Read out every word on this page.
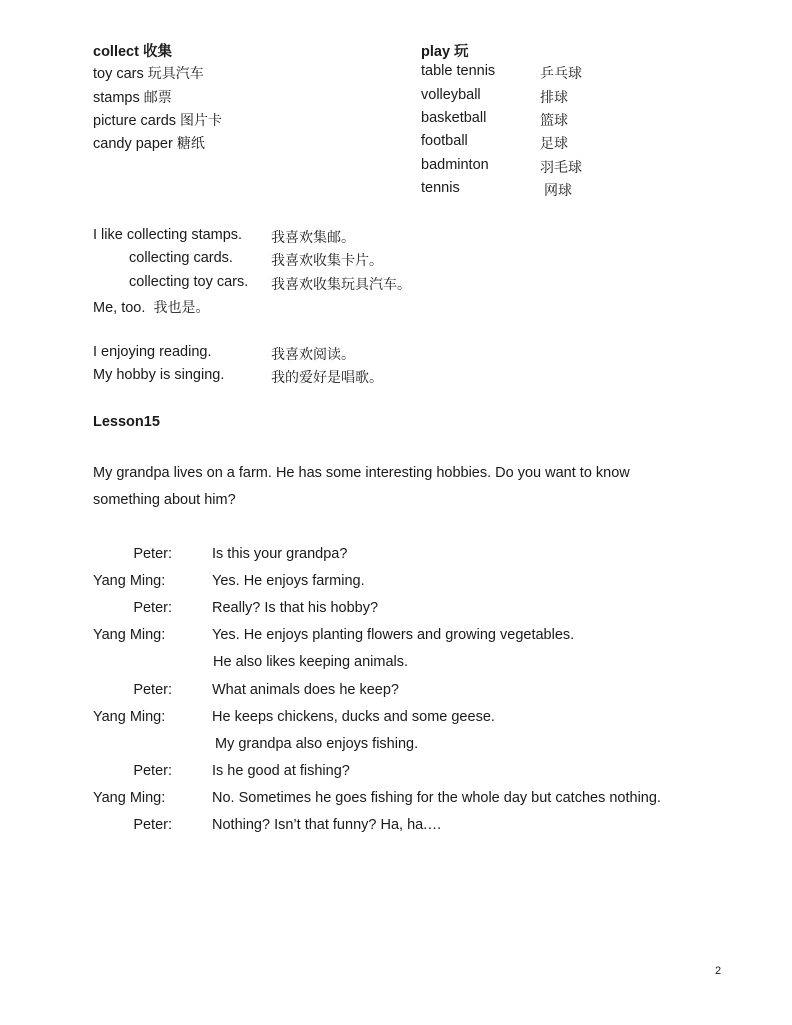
collect 收集
toy cars 玩具汽车
stamps 邮票
picture cards 图片卡
candy paper 糖纸
play 玩
table tennis	乒乓球
volleyball	排球
basketball	篮球
football	足球
badminton	羽毛球
tennis	网球
I like collecting stamps. 我喜欢集邮。
collecting cards.	我喜欢收集卡片。
collecting toy cars. 我喜欢收集玩具汽车。
Me, too. 我也是。
I enjoying reading.	我喜欢阅读。
My hobby is singing.	我的爱好是唱歌。
Lesson15
My grandpa lives on a farm. He has some interesting hobbies. Do you want to know
something about him?
Peter:	Is this your grandpa?
Yang Ming:	Yes. He enjoys farming.
Peter:	Really? Is that his hobby?
Yang Ming:	Yes. He enjoys planting flowers and growing vegetables.
He also likes keeping animals.
Peter:	What animals does he keep?
Yang Ming:	He keeps chickens, ducks and some geese.
My grandpa also enjoys fishing.
Peter:	Is he good at fishing?
Yang Ming:	No. Sometimes he goes fishing for the whole day but catches nothing.
Peter:	Nothing? Isn’t that funny? Ha, ha.…
2
